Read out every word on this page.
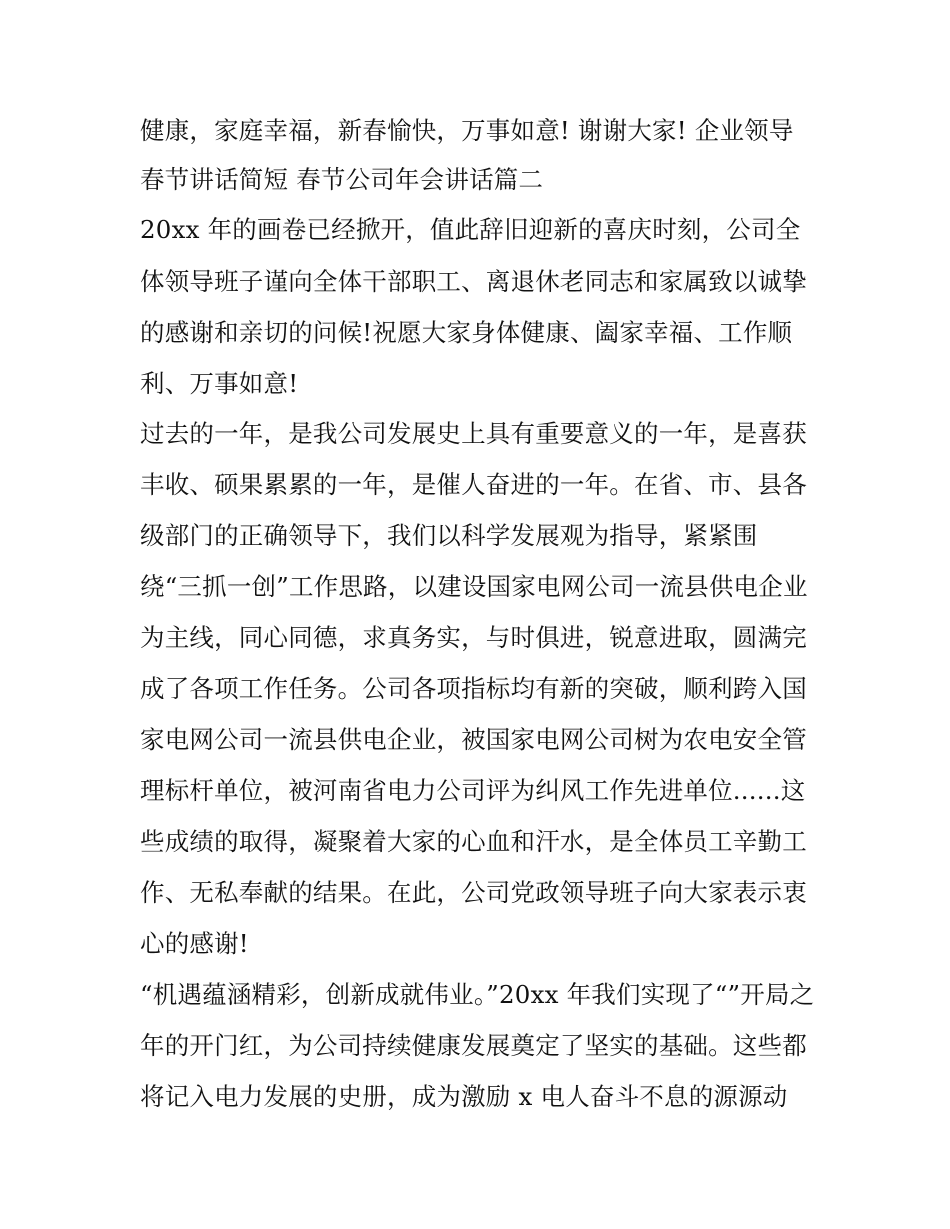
健康，家庭幸福，新春愉快，万事如意! 谢谢大家! 企业领导
春节讲话简短 春节公司年会讲话篇二
20xx 年的画卷已经掀开，值此辞旧迎新的喜庆时刻，公司全
体领导班子谨向全体干部职工、离退休老同志和家属致以诚挚
的感谢和亲切的问候!祝愿大家身体健康、阖家幸福、工作顺
利、万事如意!
过去的一年，是我公司发展史上具有重要意义的一年，是喜获
丰收、硕果累累的一年，是催人奋进的一年。在省、市、县各
级部门的正确领导下，我们以科学发展观为指导，紧紧围
绕“三抓一创”工作思路，以建设国家电网公司一流县供电企业
为主线，同心同德，求真务实，与时俱进，锐意进取，圆满完
成了各项工作任务。公司各项指标均有新的突破，顺利跨入国
家电网公司一流县供电企业，被国家电网公司树为农电安全管
理标杆单位，被河南省电力公司评为纠风工作先进单位......这
些成绩的取得，凝聚着大家的心血和汗水，是全体员工辛勤工
作、无私奉献的结果。在此，公司党政领导班子向大家表示衷
心的感谢!
“机遇蕴涵精彩，创新成就伟业。”20xx 年我们实现了“”开局之
年的开门红，为公司持续健康发展奠定了坚实的基础。这些都
将记入电力发展的史册，成为激励 x 电人奋斗不息的源源动
